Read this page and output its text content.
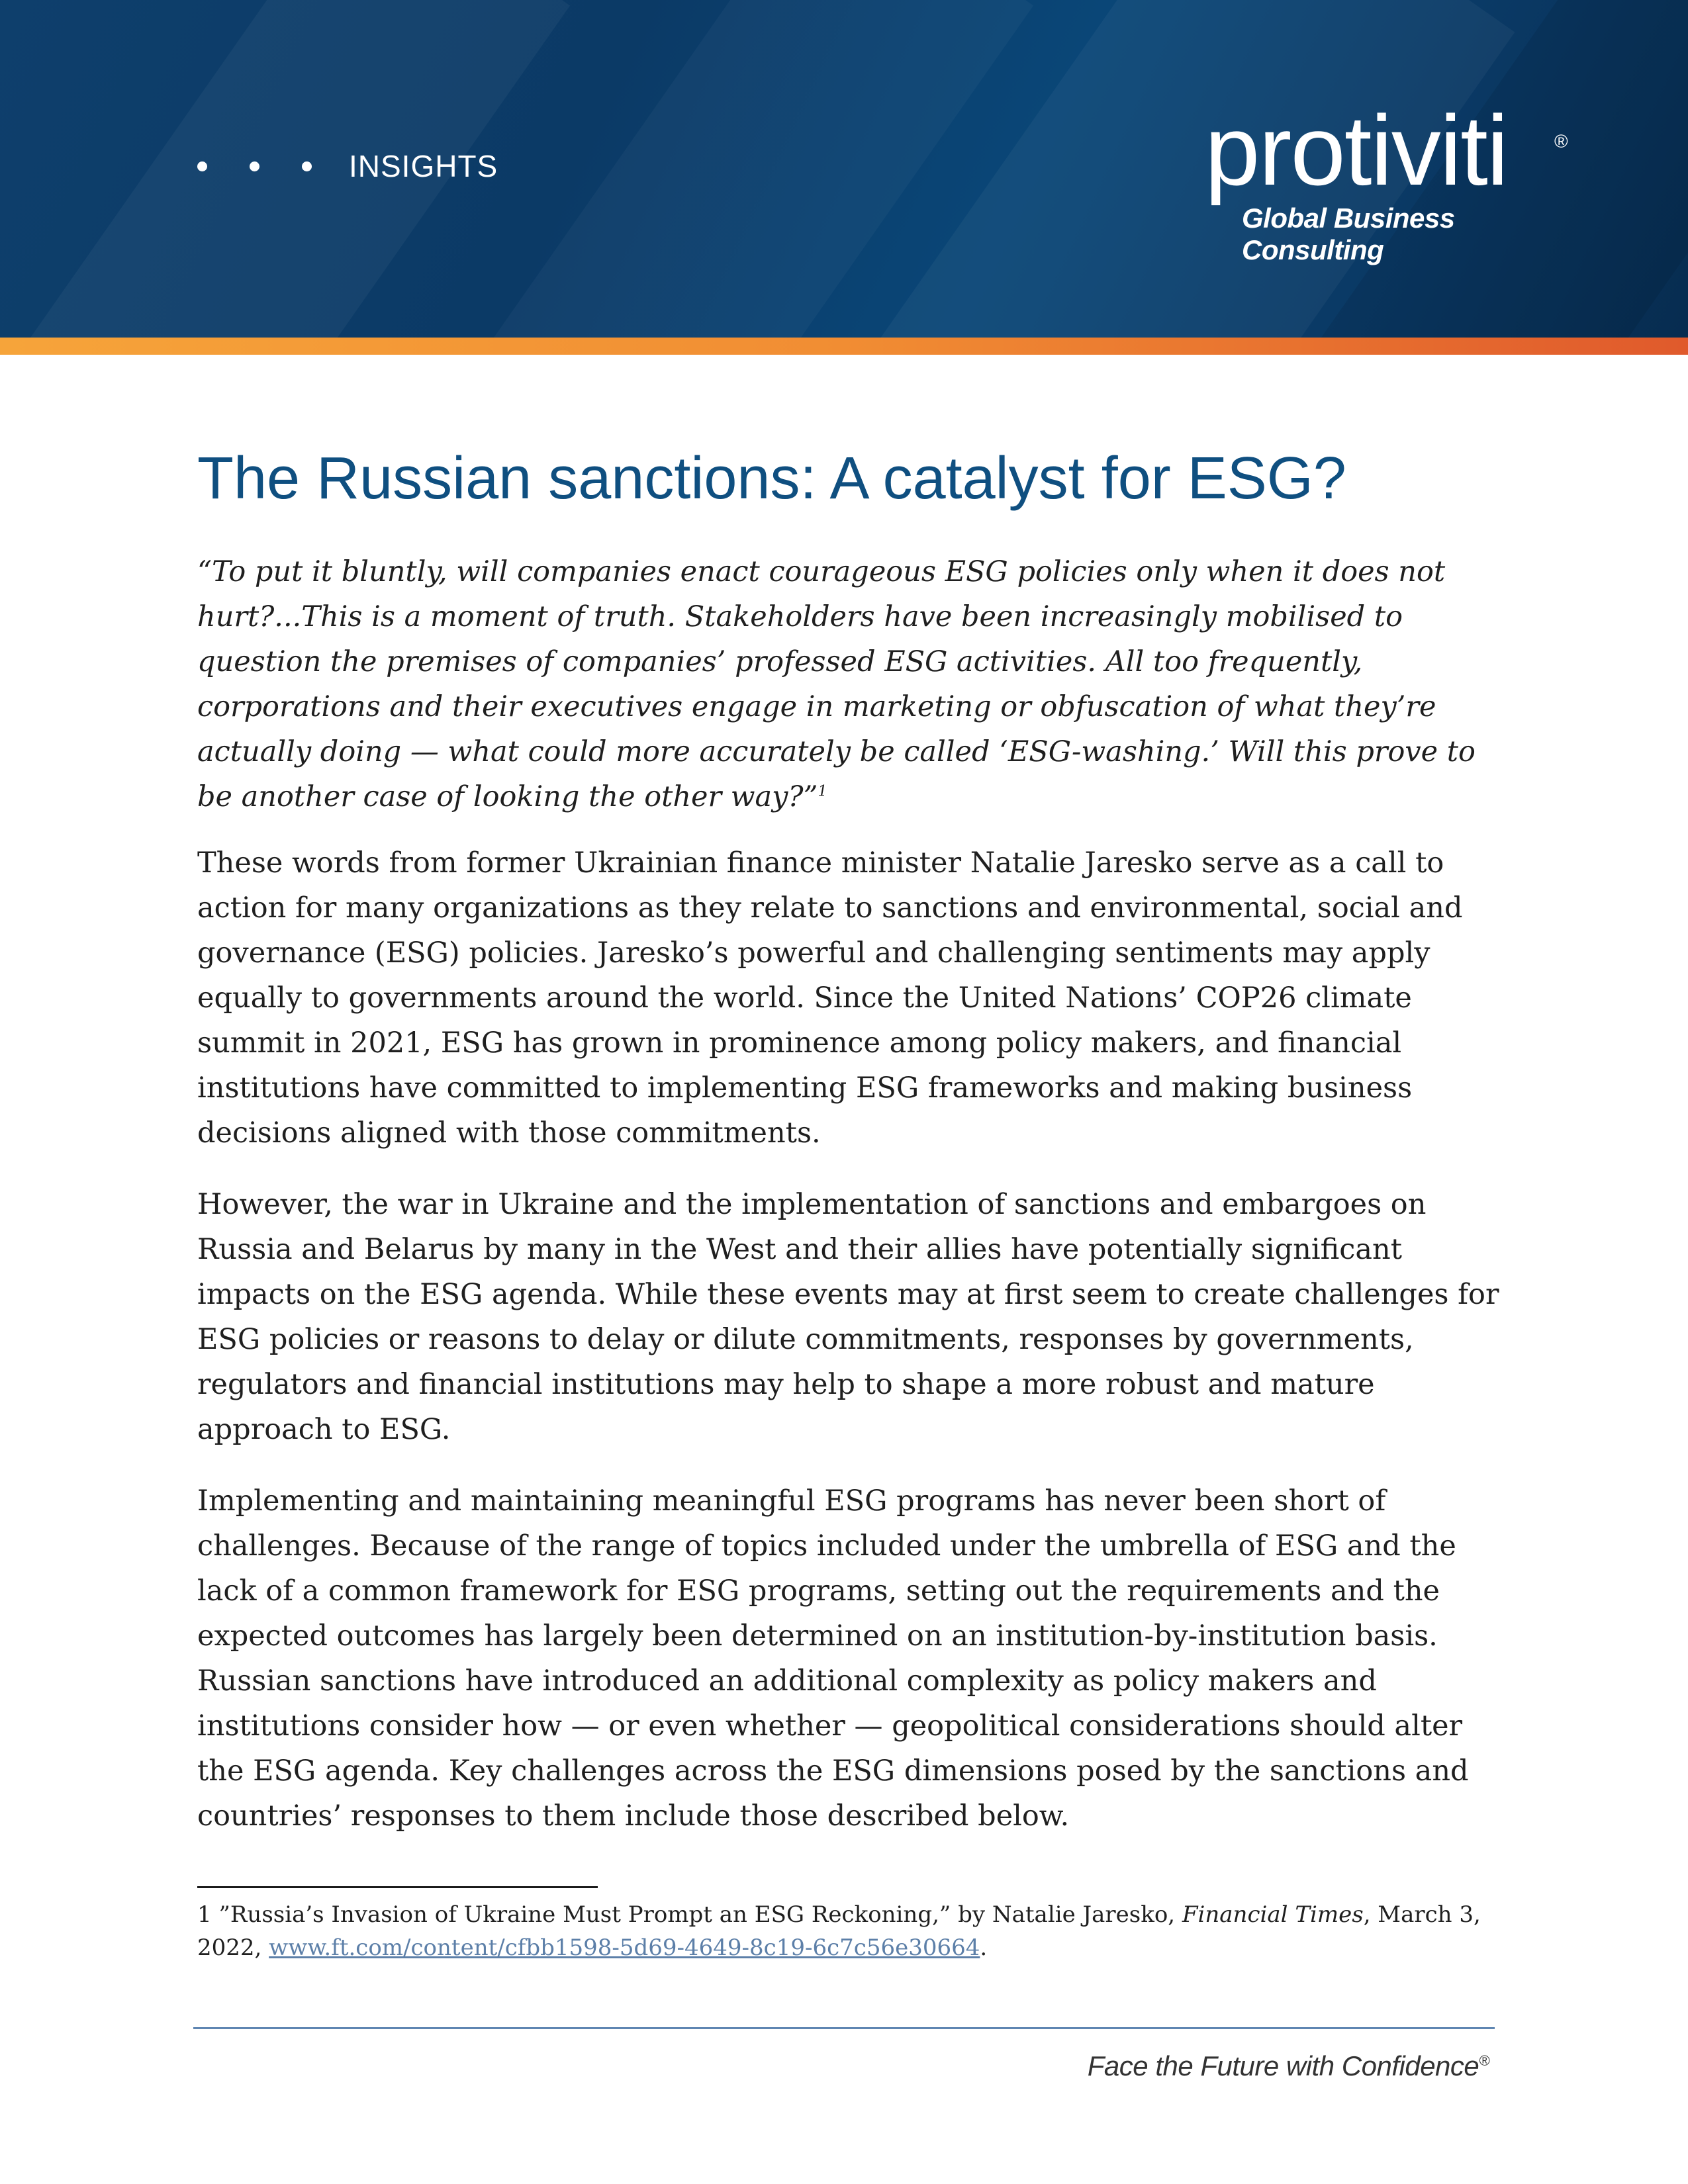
INSIGHTS	protiviti	®
Global Business Consulting
The Russian sanctions: A catalyst for ESG?

“To put it bluntly, will companies enact courageous ESG policies only when it does not hurt?...This is a moment of truth. Stakeholders have been increasingly mobilised to question the premises of companies’ professed ESG activities. All too frequently, corporations and their executives engage in marketing or obfuscation of what they’re actually doing — what could more accurately be called ‘ESG-washing.’ Will this prove to be another case of looking the other way?”$^1$

These words from former Ukrainian finance minister Natalie Jaresko serve as a call to action for many organizations as they relate to sanctions and environmental, social and governance (ESG) policies. Jaresko’s powerful and challenging sentiments may apply equally to governments around the world. Since the United Nations’ COP26 climate summit in 2021, ESG has grown in prominence among policy makers, and financial institutions have committed to implementing ESG frameworks and making business decisions aligned with those commitments.

However, the war in Ukraine and the implementation of sanctions and embargoes on Russia and Belarus by many in the West and their allies have potentially significant impacts on the ESG agenda. While these events may at first seem to create challenges for ESG policies or reasons to delay or dilute commitments, responses by governments, regulators and financial institutions may help to shape a more robust and mature approach to ESG.

Implementing and maintaining meaningful ESG programs has never been short of challenges. Because of the range of topics included under the umbrella of ESG and the lack of a common framework for ESG programs, setting out the requirements and the expected outcomes has largely been determined on an institution-by-institution basis. Russian sanctions have introduced an additional complexity as policy makers and institutions consider how — or even whether — geopolitical considerations should alter the ESG agenda. Key challenges across the ESG dimensions posed by the sanctions and countries’ responses to them include those described below.

1 ”Russia’s Invasion of Ukraine Must Prompt an ESG Reckoning,” by Natalie Jaresko, Financial Times, March 3, 2022, www.ft.com/content/cfbb1598-5d69-4649-8c19-6c7c56e30664.
Face the Future with Confidence®
